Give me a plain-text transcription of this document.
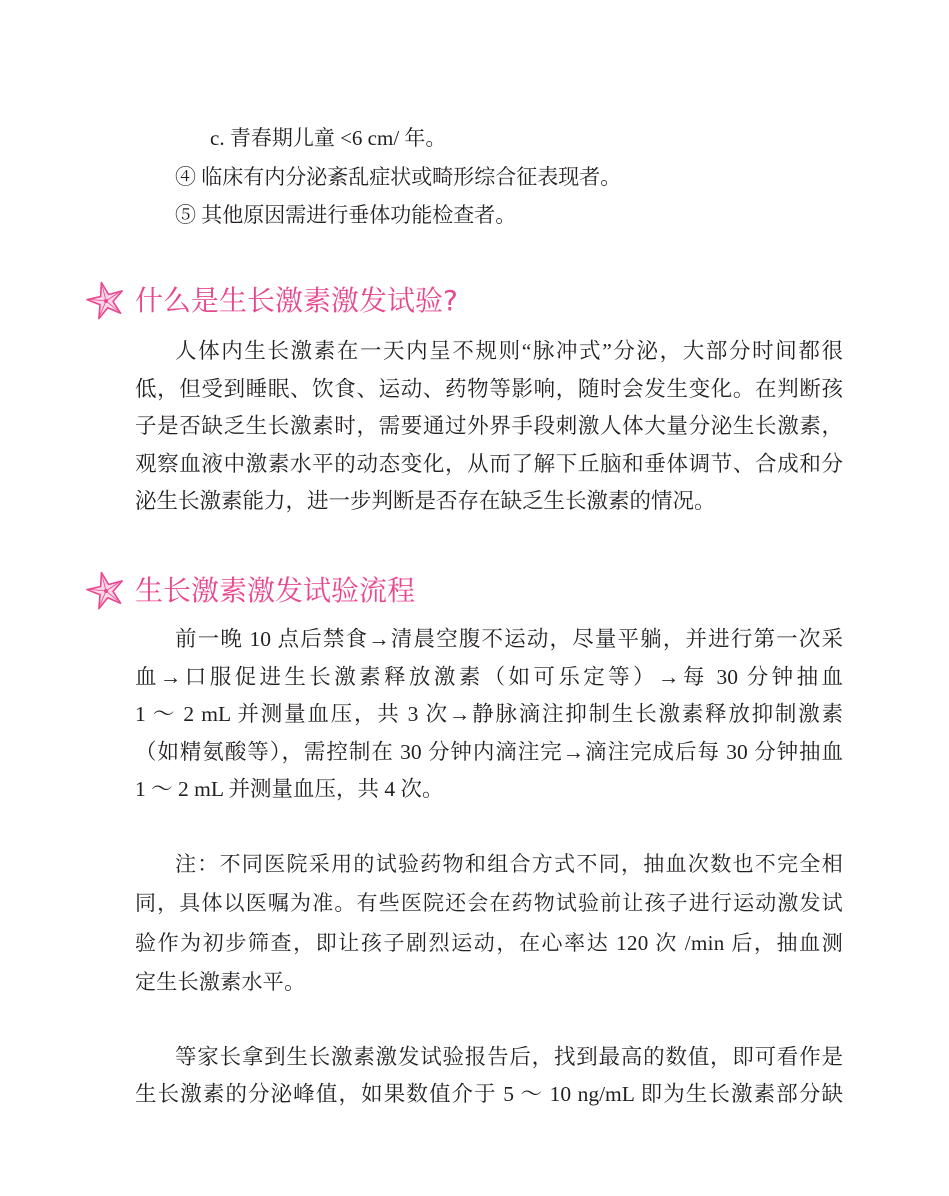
c. 青春期儿童 <6 cm/ 年。
④ 临床有内分泌紊乱症状或畸形综合征表现者。
⑤ 其他原因需进行垂体功能检查者。
什么是生长激素激发试验?
人体内生长激素在一天内呈不规则“脉冲式”分泌，大部分时间都很
低，但受到睡眠、饮食、运动、药物等影响，随时会发生变化。在判断孩
子是否缺乏生长激素时，需要通过外界手段刺激人体大量分泌生长激素，
观察血液中激素水平的动态变化，从而了解下丘脑和垂体调节、合成和分
泌生长激素能力，进一步判断是否存在缺乏生长激素的情况。
生长激素激发试验流程
前一晚 10 点后禁食→清晨空腹不运动，尽量平躺，并进行第一次采
血→口服促进生长激素释放激素（如可乐定等）→每 30 分钟抽血
1 ～ 2 mL 并测量血压，共 3 次→静脉滴注抑制生长激素释放抑制激素
（如精氨酸等），需控制在 30 分钟内滴注完→滴注完成后每 30 分钟抽血
1 ～ 2 mL 并测量血压，共 4 次。
注：不同医院采用的试验药物和组合方式不同，抽血次数也不完全相
同，具体以医嘱为准。有些医院还会在药物试验前让孩子进行运动激发试
验作为初步筛查，即让孩子剧烈运动，在心率达 120 次 /min 后，抽血测
定生长激素水平。
等家长拿到生长激素激发试验报告后，找到最高的数值，即可看作是
生长激素的分泌峰值，如果数值介于 5 ～ 10 ng/mL 即为生长激素部分缺
